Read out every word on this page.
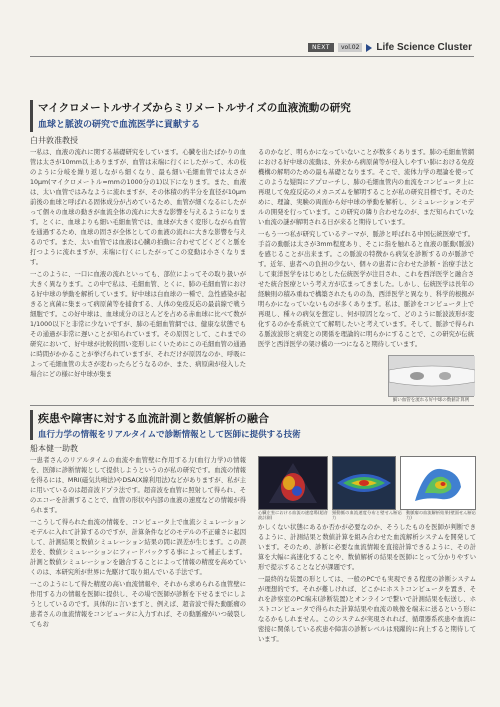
NEXT	vol.02	Life Science Cluster
マイクロメートルサイズからミリメートルサイズの血液流動の研究
血球と脈波の研究で血流医学に貢献する
白井敦准教授

一私は、血液の流れに関する基礎研究をしています。心臓を出たばかりの血管は太さが10mm以上ありますが、血管は末端に行くにしたがって、木の枝のように分岐を繰り返しながら細くなり、最も細い毛細血管では太さが10μm(マイクロメートル=mmの1000分の1)以下になります。また、血液は、太い血管ではみなように流れますが、その体積の約半分を直径が10μm前後の血球と呼ばれる固体成分が占めているため、血管が細くなるにしたがって個々の血球の動きが血流全体の流れに大きな影響を与えるようになります。とくに、血球よりも細い毛細血管では、血球が大きく変形しながら血管を通過するため、血球の固さが全体としての血液の流れに大きな影響を与えるのです。また、太い血管では血液は心臓の拍動に合わせてどくどくと脈を打つように流れますが、末端に行くにしたがってこの変動は小さくなります。

一このように、一口に血液の流れといっても、部位によってその取り扱いが大きく異なります。この中で私は、毛細血管、とくに、肺の毛細血管における好中球の挙動を解析しています。好中球は白血球の一種で、急性感染が起きると真菌に集まって病原菌等を捕食する、人体の免疫反応の最前線で戦う細胞です。この好中球は、血球成分のほとんどを占める赤血球に比べて数が1/1000以下と非常に少ないですが、肺の毛細血管網では、健康な状態でもその通過が非常に遅いことが知られています。その原因として、これまでの研究において、好中球が比較的固い変形しにくいためにこの毛細血管の通過に時間がかかることが挙げられていますが、それだけが原因なのか、呼吸によって毛細血管の太さが変わったらどうなるのか、また、病原菌が侵入した場合にどの様に好中球が集ま

るのかなど、明らかになっていないことが数多くあります。肺の毛細血管網における好中球の流動は、外来から病原菌等が侵入しやすい肺における免疫機構の解明のための最も基礎となります。そこで、流体力学の理論を使ってこのような疑問にアプローチし、肺の毛細血管内の血流をコンピュータ上に再現して免疫反応のメカニズムを解明することが私の研究目標です。そのために、理論、実験の両面から好中球の挙動を解析し、シミュレーションモデルの開発を行っています。この研究の隣り合わせなのが、まだ知られていない血流の謎が解明される日が来ると期待しています。

一もう一つ私が研究しているテーマが、脈診と呼ばれる中国伝統医療です。手首の動脈は太さが3mm程度あり、そこに指を触れると血液の脈動(脈波)を感じることが出来ます。この脈波の特徴から病気を診断するのが脈診です。近年、患者への負担の少ない、個々の患者に合わせた診断・治療手法として東洋医学をはじめとした伝統医学が注目され、これを西洋医学と融合させた統合医療という考え方が広まってきました。しかし、伝統医学は長年の経験則の積み重ねで構築されたものの為、西洋医学と異なり、科学的根拠が明らかになっていないものが多くあります。私は、脈診をコンピュータ上で再現し、種々の病気を想定し、何が原因となって、どのように脈波波形が変化するのかを系統立てて解明したいと考えています。そして、脈診で得られる脈波波形と病変との関係を理論的に明らかにすることで、この研究が伝統医学と西洋医学の架け橋の一つになると期待しています。

細い血管を流れる好中球の数値計算例
疾患や障害に対する血流計測と数値解析の融合
血行力学の情報をリアルタイムで診断情報として医師に提供する技術
船本健一助教

一患者さんのリアルタイムの血流や血管壁に作用する力(血行力学)の情報を、医師に診断情報として提供しようというのが私の研究です。血流の情報を得るには、MRI(磁気共鳴法)やDSA(X線利用法)などがありますが、私が主に用いているのは超音波ドプラ法です。超音波を血管に照射して得られ、そのエコーを計測することで、血管の形状や内部の血液の速度などの情報が得られます。

一こうして得られた血流の情報を、コンピュータ上で血流シミュレーションモデルに入れて計算するのですが、計算条件などのモデルの不正確さに起因して、計測結果と数値シミュレーション結果の間に誤差が生じます。この誤差を、数値シミュレーションにフィードバックする事によって補正します。計測と数値シミュレーションを融合することによって情報の精度を高めていくのは、本研究所が世界に先駆けて取り組んでいる手法です。

一このようにして得た精度の高い血流情報や、それから求められる血管壁に作用する力の情報を医師に提供し、その場で医師が診断を下せるまでにしようとしているのです。具体的に言いますと、例えば、超音波で得た動脈瘤の患者さんの血流情報をコンピュータに入力すれば、その動脈瘤がいつ破裂してもお

心臓左室における血流の速度場(超音波計測)
頸動脈の血流速度分布と壁せん断応力
動脈瘤の血流解析結果(壁面せん断応力)

かしくない状態にあるか否かが必要なのか、そうしたものを医師が判断できるように、計測結果と数値計算を組み合わせた血流解析システムを開発しています。そのため、診断に必要な血流情報を直接計算できるように、その計算を大幅に高速化することや、数値解析の結果を医師にとって分かりやすい形で提示することなどが課題です。

一最終的な装置の形としては、一般のPCでも実現できる程度の診断システムが理想的です。それが難しければ、どこかにホストコンピュータを置き、それを診察室のPC端末(診断装置)とオンラインで繋いで計測結果を転送し、ホストコンピュータで得られた計算結果や血流の映像を端末に送るという形になるかもしれません。このシステムが実現されれば、循環器系疾患や血流に密接に関係している疾患や障害の診断レベルは飛躍的に向上すると期待しています。
